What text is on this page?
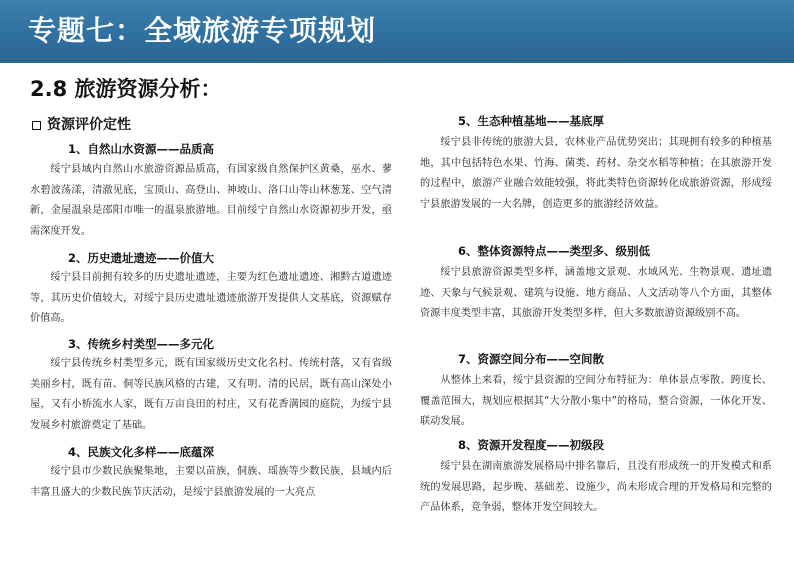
专题七：全域旅游专项规划
2.8 旅游资源分析：
资源评价定性
1、自然山水资源——品质高

绥宁县域内自然山水旅游资源品质高，有国家级自然保护区黄桑，巫水、蓼水碧波荡漾，清澈见底，宝顶山、高登山、神坡山、洛口山等山林葱茏、空气清新，金屋温泉是邵阳市唯一的温泉旅游地。目前绥宁自然山水资源初步开发，亟需深度开发。

2、历史遗址遗迹——价值大

绥宁县目前拥有较多的历史遗址遗迹，主要为红色遗址遗迹、湘黔古道遗迹等，其历史价值较大，对绥宁县历史遗址遗迹旅游开发提供人文基底，资源赋存价值高。

3、传统乡村类型——多元化

绥宁县传统乡村类型多元，既有国家级历史文化名村、传统村落，又有省级美丽乡村，既有苗、侗等民族风格的古建，又有明、清的民居，既有高山深处小屋，又有小桥流水人家，既有万亩良田的村庄，又有花香满园的庭院，为绥宁县发展乡村旅游奠定了基础。

4、民族文化多样——底蕴深

绥宁县市少数民族聚集地，主要以苗族，侗族、瑶族等少数民族，县域内后丰富且盛大的少数民族节庆活动，是绥宁县旅游发展的一大亮点

5、生态种植基地——基底厚

绥宁县非传统的旅游大县，农林业产品优势突出；其现拥有较多的种植基地，其中包括特色水果、竹海、菌类、药材、杂交水稻等种植；在其旅游开发的过程中，旅游产业融合效能较强，将此类特色资源转化成旅游资源，形成绥宁县旅游发展的一大名牌，创造更多的旅游经济效益。

6、整体资源特点——类型多、级别低

绥宁县旅游资源类型多样，涵盖地文景观、水域风光、生物景观、遗址遗迹、天象与气候景观、建筑与设施、地方商品、人文活动等八个方面，其整体资源丰度类型丰富，其旅游开发类型多样，但大多数旅游资源级别不高。

7、资源空间分布——空间散

从整体上来看，绥宁县资源的空间分布特征为：单体景点零散、跨度长、覆盖范围大，规划应根据其“大分散小集中”的格局，整合资源，一体化开发、联动发展。

8、资源开发程度——初级段

绥宁县在湖南旅游发展格局中排名靠后，且没有形成统一的开发模式和系统的发展思路，起步晚、基础差、设施少，尚未形成合理的开发格局和完整的产品体系，竞争弱，整体开发空间较大。
